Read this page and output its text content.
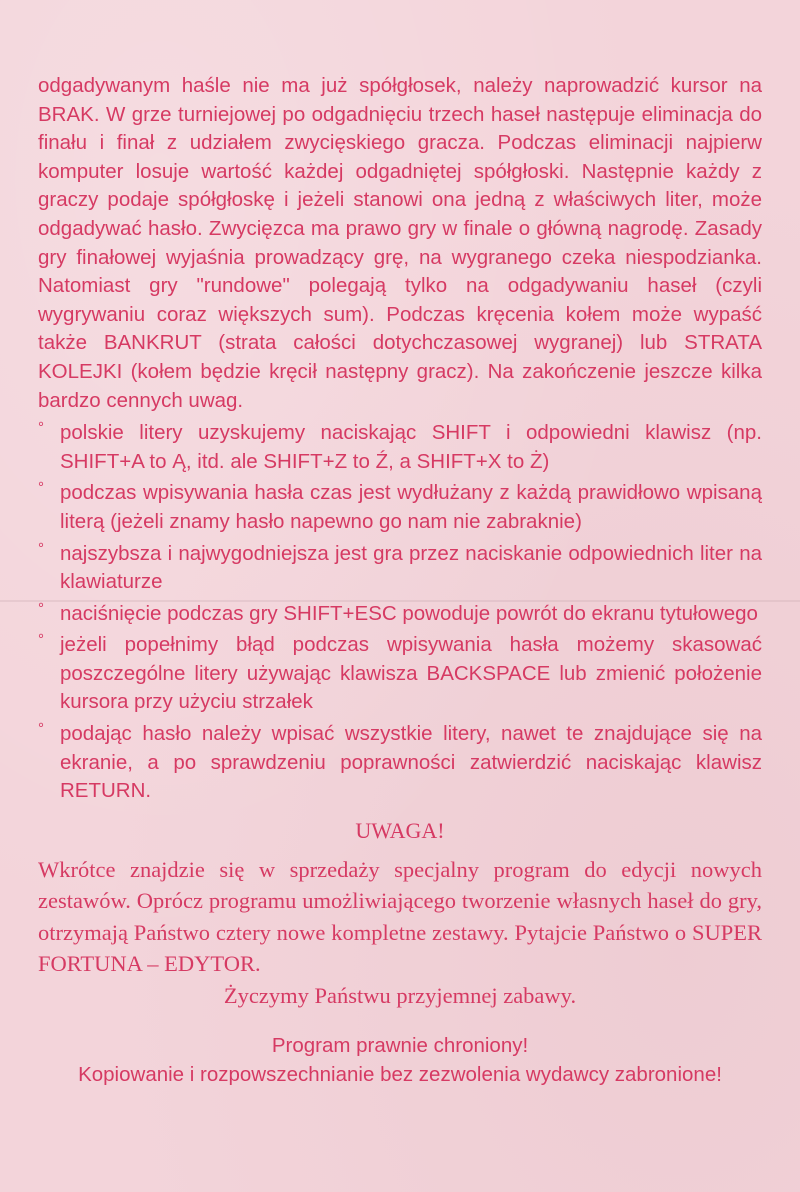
odgadywanym haśle nie ma już spółgłosek, należy naprowadzić kursor na BRAK. W grze turniejowej po odgadnięciu trzech haseł następuje eliminacja do finału i finał z udziałem zwycięskiego gracza. Podczas eliminacji najpierw komputer losuje wartość każdej odgadniętej spółgłoski. Następnie każdy z graczy podaje spółgłoskę i jeżeli stanowi ona jedną z właściwych liter, może odgadywać hasło. Zwycięzca ma prawo gry w finale o główną nagrodę. Zasady gry finałowej wyjaśnia prowadzący grę, na wygranego czeka niespodzianka. Natomiast gry "rundowe" polegają tylko na odgadywaniu haseł (czyli wygrywaniu coraz większych sum). Podczas kręcenia kołem może wypaść także BANKRUT (strata całości dotychczasowej wygranej) lub STRATA KOLEJKI (kołem będzie kręcił następny gracz). Na zakończenie jeszcze kilka bardzo cennych uwag.

° polskie litery uzyskujemy naciskając SHIFT i odpowiedni klawisz (np. SHIFT+A to Ą, itd. ale SHIFT+Z to Ź, a SHIFT+X to Ż)
° podczas wpisywania hasła czas jest wydłużany z każdą prawidłowo wpisaną literą (jeżeli znamy hasło napewno go nam nie zabraknie)
° najszybsza i najwygodniejsza jest gra przez naciskanie odpowiednich liter na klawiaturze
° naciśnięcie podczas gry SHIFT+ESC powoduje powrót do ekranu tytułowego
° jeżeli popełnimy błąd podczas wpisywania hasła możemy skasować poszczególne litery używając klawisza BACKSPACE lub zmienić położenie kursora przy użyciu strzałek
° podając hasło należy wpisać wszystkie litery, nawet te znajdujące się na ekranie, a po sprawdzeniu poprawności zatwierdzić naciskając klawisz RETURN.
UWAGA!

Wkrótce znajdzie się w sprzedaży specjalny program do edycji nowych zestawów. Oprócz programu umożliwiającego tworzenie własnych haseł do gry, otrzymają Państwo cztery nowe kompletne zestawy. Pytajcie Państwo o SUPER FORTUNA – EDYTOR.

Życzymy Państwu przyjemnej zabawy.

Program prawnie chroniony!
Kopiowanie i rozpowszechnianie bez zezwolenia wydawcy zabronione!
